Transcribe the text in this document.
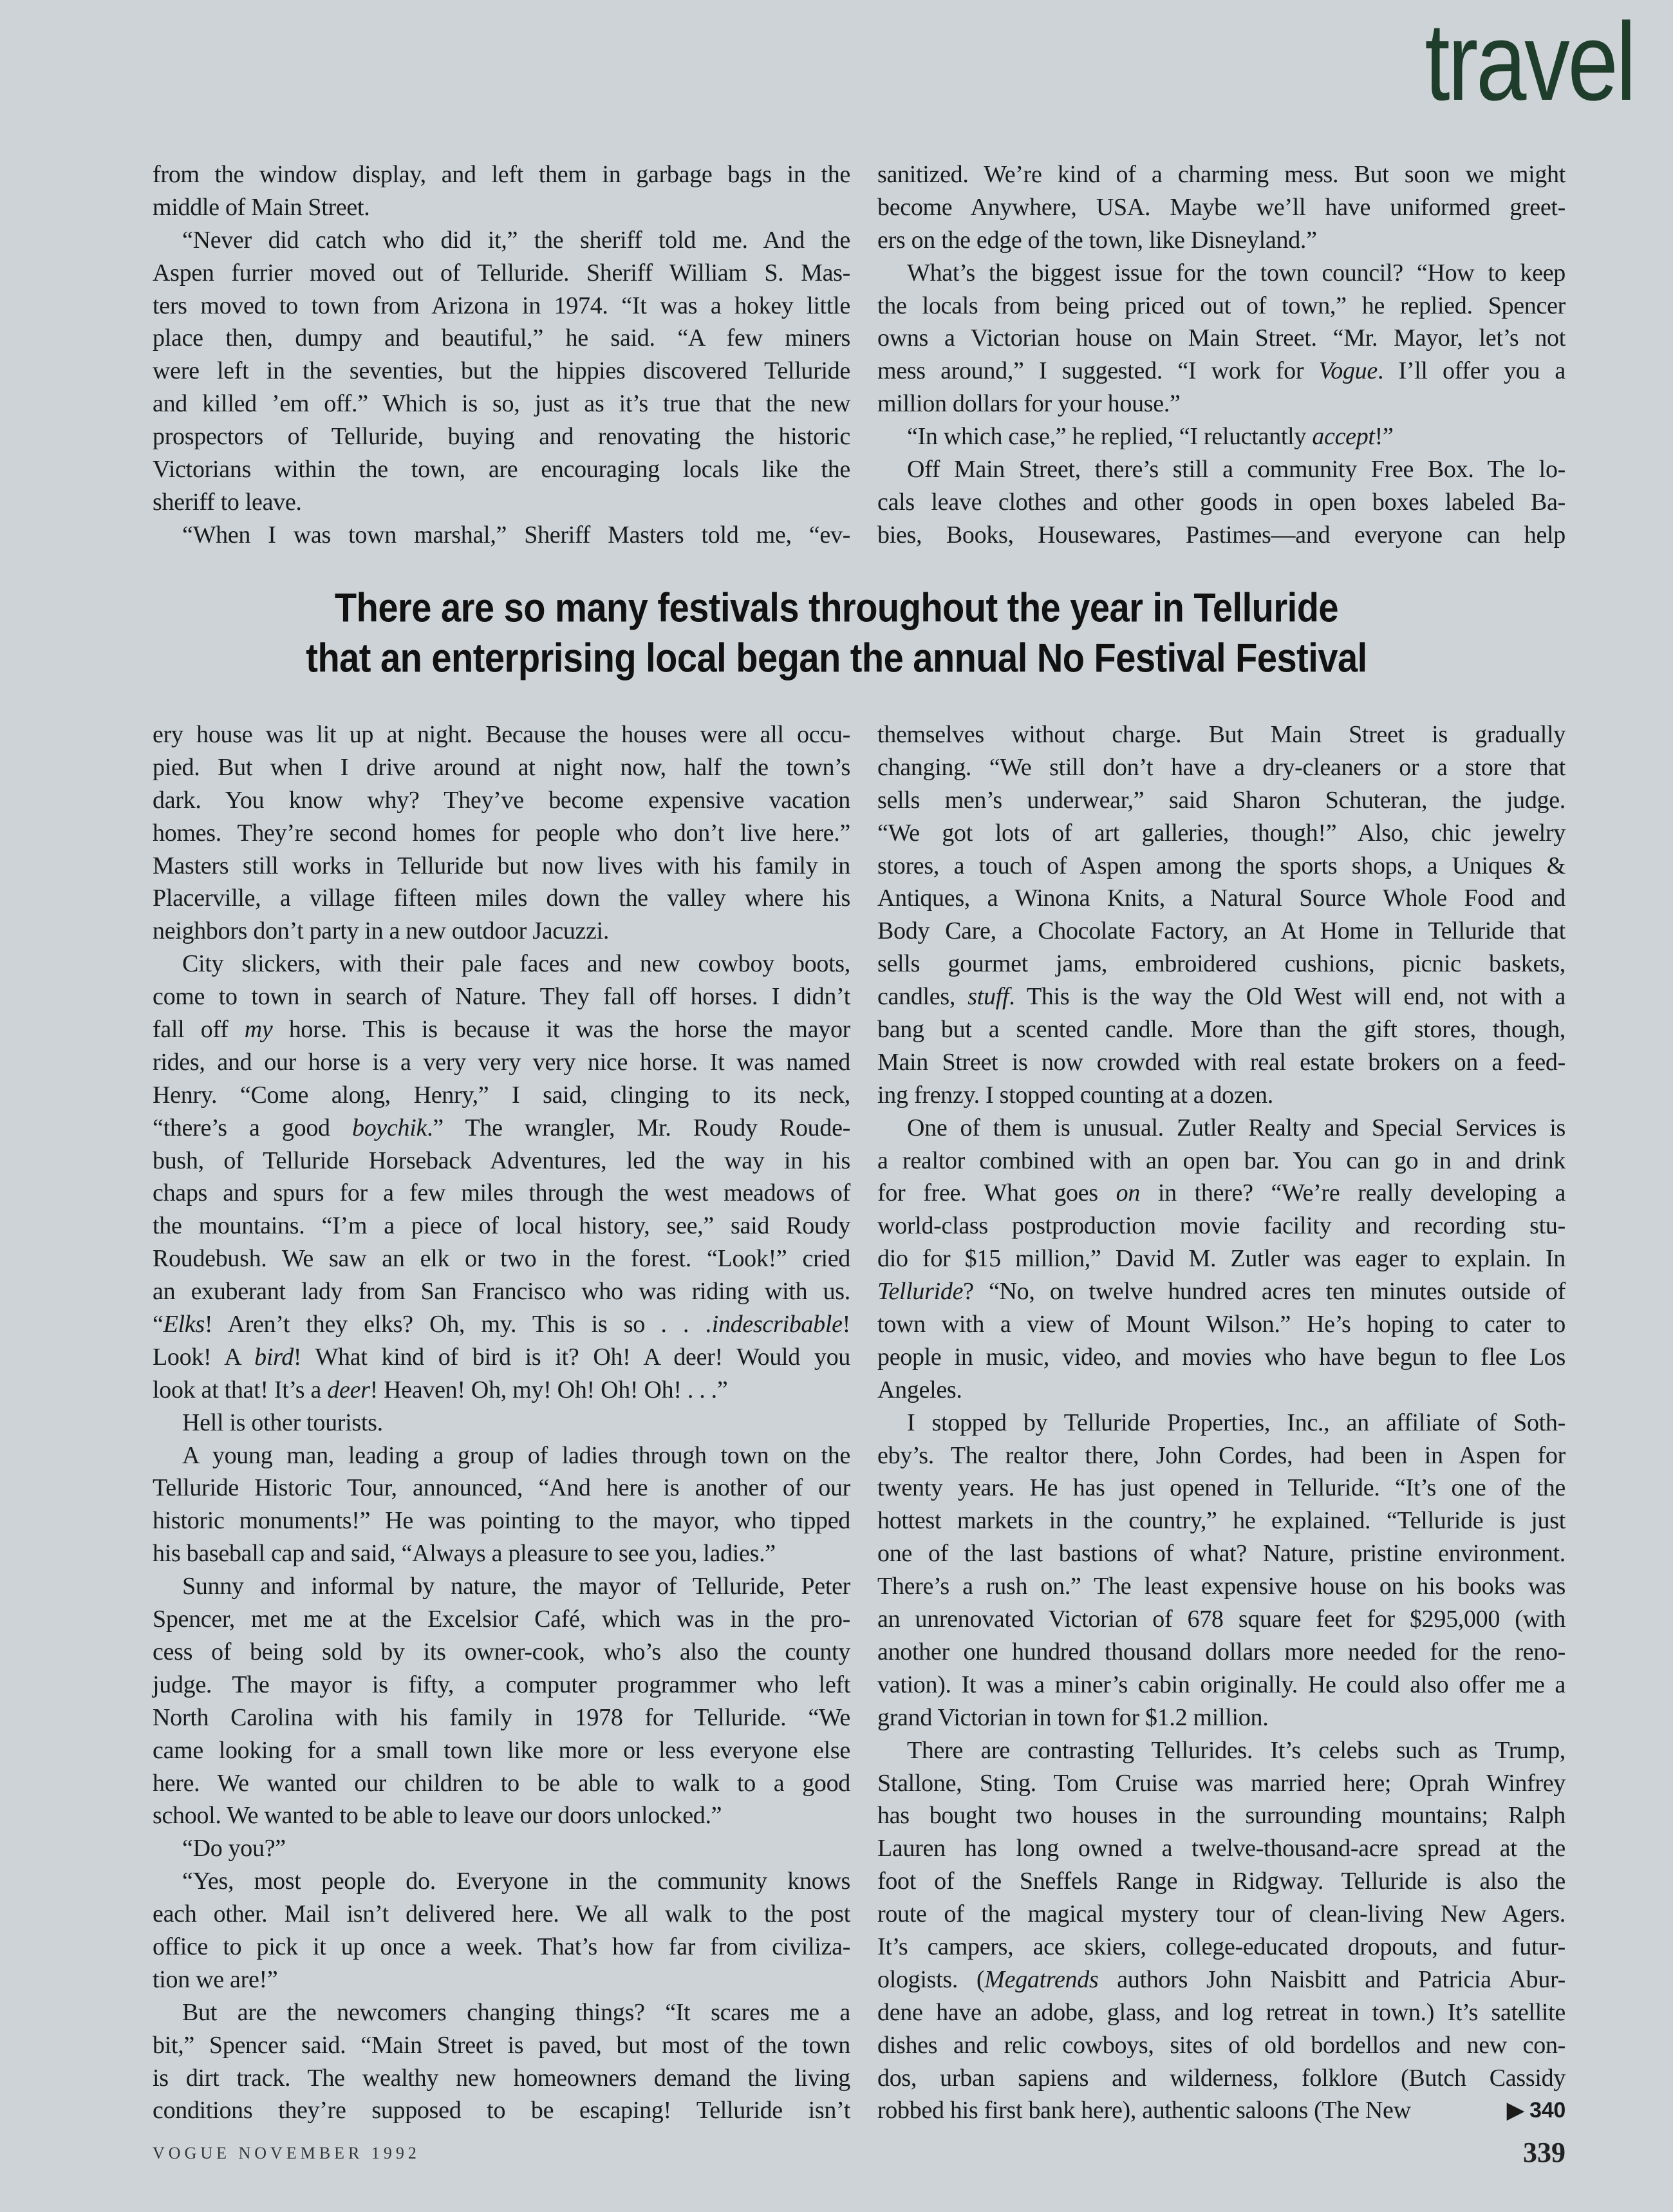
travel
from the window display, and left them in garbage bags in the
middle of Main Street.
“Never did catch who did it,” the sheriff told me. And the
Aspen furrier moved out of Telluride. Sheriff William S. Mas-
ters moved to town from Arizona in 1974. “It was a hokey little
place then, dumpy and beautiful,” he said. “A few miners
were left in the seventies, but the hippies discovered Telluride
and killed ’em off.” Which is so, just as it’s true that the new
prospectors of Telluride, buying and renovating the historic
Victorians within the town, are encouraging locals like the
sheriff to leave.
“When I was town marshal,” Sheriff Masters told me, “ev-
sanitized. We’re kind of a charming mess. But soon we might
become Anywhere, USA. Maybe we’ll have uniformed greet-
ers on the edge of the town, like Disneyland.”
What’s the biggest issue for the town council? “How to keep
the locals from being priced out of town,” he replied. Spencer
owns a Victorian house on Main Street. “Mr. Mayor, let’s not
mess around,” I suggested. “I work for Vogue. I’ll offer you a
million dollars for your house.”
“In which case,” he replied, “I reluctantly accept!”
Off Main Street, there’s still a community Free Box. The lo-
cals leave clothes and other goods in open boxes labeled Ba-
bies, Books, Housewares, Pastimes—and everyone can help
There are so many festivals throughout the year in Telluride
that an enterprising local began the annual No Festival Festival
ery house was lit up at night. Because the houses were all occu-
pied. But when I drive around at night now, half the town’s
dark. You know why? They’ve become expensive vacation
homes. They’re second homes for people who don’t live here.”
Masters still works in Telluride but now lives with his family in
Placerville, a village fifteen miles down the valley where his
neighbors don’t party in a new outdoor Jacuzzi.
City slickers, with their pale faces and new cowboy boots,
come to town in search of Nature. They fall off horses. I didn’t
fall off my horse. This is because it was the horse the mayor
rides, and our horse is a very very very nice horse. It was named
Henry. “Come along, Henry,” I said, clinging to its neck,
“there’s a good boychik.” The wrangler, Mr. Roudy Roude-
bush, of Telluride Horseback Adventures, led the way in his
chaps and spurs for a few miles through the west meadows of
the mountains. “I’m a piece of local history, see,” said Roudy
Roudebush. We saw an elk or two in the forest. “Look!” cried
an exuberant lady from San Francisco who was riding with us.
“Elks! Aren’t they elks? Oh, my. This is so . . .indescribable!
Look! A bird! What kind of bird is it? Oh! A deer! Would you
look at that! It’s a deer! Heaven! Oh, my! Oh! Oh! Oh! . . .”
Hell is other tourists.
A young man, leading a group of ladies through town on the
Telluride Historic Tour, announced, “And here is another of our
historic monuments!” He was pointing to the mayor, who tipped
his baseball cap and said, “Always a pleasure to see you, ladies.”
Sunny and informal by nature, the mayor of Telluride, Peter
Spencer, met me at the Excelsior Café, which was in the pro-
cess of being sold by its owner-cook, who’s also the county
judge. The mayor is fifty, a computer programmer who left
North Carolina with his family in 1978 for Telluride. “We
came looking for a small town like more or less everyone else
here. We wanted our children to be able to walk to a good
school. We wanted to be able to leave our doors unlocked.”
“Do you?”
“Yes, most people do. Everyone in the community knows
each other. Mail isn’t delivered here. We all walk to the post
office to pick it up once a week. That’s how far from civiliza-
tion we are!”
But are the newcomers changing things? “It scares me a
bit,” Spencer said. “Main Street is paved, but most of the town
is dirt track. The wealthy new homeowners demand the living
conditions they’re supposed to be escaping! Telluride isn’t
themselves without charge. But Main Street is gradually
changing. “We still don’t have a dry-cleaners or a store that
sells men’s underwear,” said Sharon Schuteran, the judge.
“We got lots of art galleries, though!” Also, chic jewelry
stores, a touch of Aspen among the sports shops, a Uniques &
Antiques, a Winona Knits, a Natural Source Whole Food and
Body Care, a Chocolate Factory, an At Home in Telluride that
sells gourmet jams, embroidered cushions, picnic baskets,
candles, stuff. This is the way the Old West will end, not with a
bang but a scented candle. More than the gift stores, though,
Main Street is now crowded with real estate brokers on a feed-
ing frenzy. I stopped counting at a dozen.
One of them is unusual. Zutler Realty and Special Services is
a realtor combined with an open bar. You can go in and drink
for free. What goes on in there? “We’re really developing a
world-class postproduction movie facility and recording stu-
dio for $15 million,” David M. Zutler was eager to explain. In
Telluride? “No, on twelve hundred acres ten minutes outside of
town with a view of Mount Wilson.” He’s hoping to cater to
people in music, video, and movies who have begun to flee Los
Angeles.
I stopped by Telluride Properties, Inc., an affiliate of Soth-
eby’s. The realtor there, John Cordes, had been in Aspen for
twenty years. He has just opened in Telluride. “It’s one of the
hottest markets in the country,” he explained. “Telluride is just
one of the last bastions of what? Nature, pristine environment.
There’s a rush on.” The least expensive house on his books was
an unrenovated Victorian of 678 square feet for $295,000 (with
another one hundred thousand dollars more needed for the reno-
vation). It was a miner’s cabin originally. He could also offer me a
grand Victorian in town for $1.2 million.
There are contrasting Tellurides. It’s celebs such as Trump,
Stallone, Sting. Tom Cruise was married here; Oprah Winfrey
has bought two houses in the surrounding mountains; Ralph
Lauren has long owned a twelve-thousand-acre spread at the
foot of the Sneffels Range in Ridgway. Telluride is also the
route of the magical mystery tour of clean-living New Agers.
It’s campers, ace skiers, college-educated dropouts, and futur-
ologists. (Megatrends authors John Naisbitt and Patricia Abur-
dene have an adobe, glass, and log retreat in town.) It’s satellite
dishes and relic cowboys, sites of old bordellos and new con-
dos, urban sapiens and wilderness, folklore (Butch Cassidy
▶ 340
robbed his first bank here), authentic saloons (The New
VOGUE NOVEMBER 1992	339
